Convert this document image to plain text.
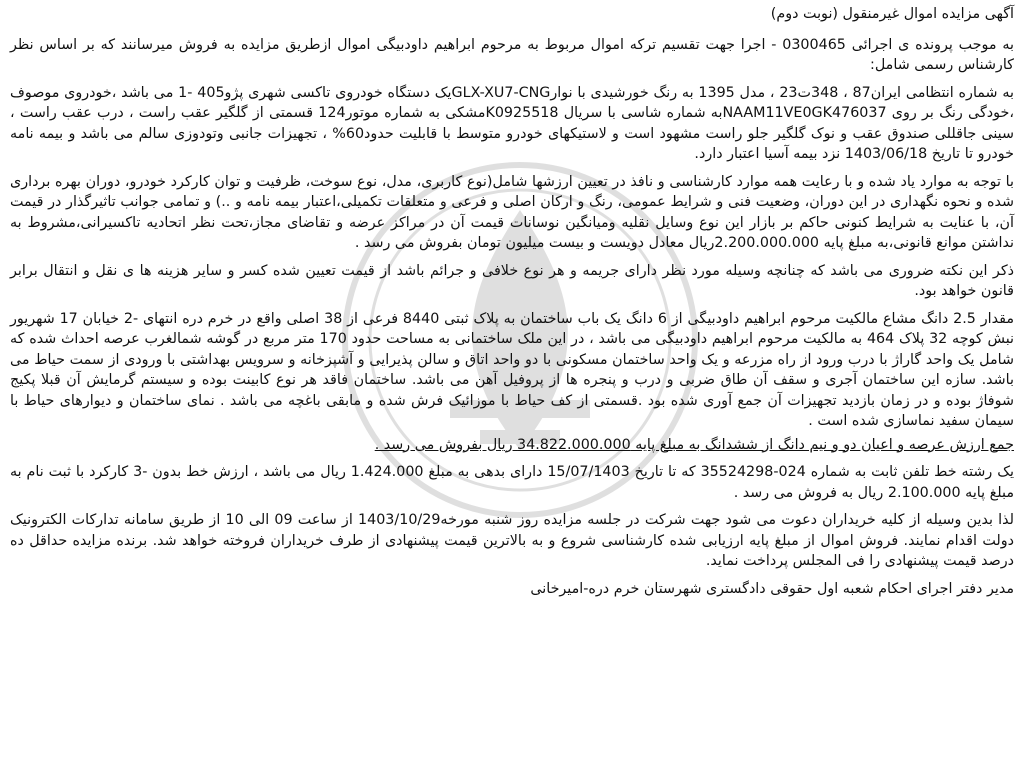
آگهی مزایده اموال غیرمنقول (نوبت دوم)

به موجب پرونده ی اجرائی 0300465 - اجرا جهت تقسیم ترکه اموال مربوط به مرحوم ابراهیم داودبیگی اموال ازطریق مزایده به فروش میرسانند که بر اساس نظر کارشناس رسمی شامل:

به شماره انتظامی ایران87 ، 348ت23 ، مدل 1395 به رنگ خورشیدی با نوارGLX-XU7-CNGیک دستگاه خودروی تاکسی شهری پژو405 -1 می باشد ،خودروی موصوف ،خودگی رنگ بر روی NAAM11VE0GK476037به شماره شاسی با سریال K0925518مشکی به شماره موتور124 قسمتی از گلگیر عقب راست ، درب عقب راست ، سینی جاقللی صندوق عقب و نوک گلگیر جلو راست مشهود است و لاستیکهای خودرو متوسط با قابلیت حدود60% ، تجهیزات جانبی وتودوزی سالم می باشد و بیمه نامه خودرو تا تاریخ 1403/06/18 نزد بیمه آسیا اعتبار دارد.

با توجه به موارد یاد شده و با رعایت همه موارد کارشناسی و نافذ در تعیین ارزشها شامل(نوع کاربری، مدل، نوع سوخت، ظرفیت و توان کارکرد خودرو، دوران بهره برداری شده و نحوه نگهداری در این دوران، وضعیت فنی و شرایط عمومی، رنگ و ارکان اصلی و فرعی و متعلقات تکمیلی،اعتبار بیمه نامه و ..) و تمامی جوانب تاثیرگذار در قیمت آن، با عنایت به شرایط کنونی حاکم بر بازار این نوع وسایل نقلیه ومیانگین نوسانات قیمت آن در مراکز عرضه و تقاضای مجاز،تحت نظر اتحادیه تاکسیرانی،مشروط به نداشتن موانع قانونی،به مبلغ پایه 2.200.000.000ریال معادل دویست و بیست میلیون تومان بفروش می رسد .

ذکر این نکته ضروری می باشد که چنانچه وسیله مورد نظر دارای جریمه و هر نوع خلافی و جرائم باشد از قیمت تعیین شده کسر و سایر هزینه ها ی نقل و انتقال برابر قانون خواهد بود.

مقدار 2.5 دانگ مشاع مالکیت مرحوم ابراهیم داودبیگی از 6 دانگ یک باب ساختمان به پلاک ثبتی 8440 فرعی از 38 اصلی واقع در خرم دره انتهای -2 خیابان 17 شهریور نبش کوچه 32 پلاک 464 به مالکیت مرحوم ابراهیم داودبیگی می باشد ، در این ملک ساختمانی به مساحت حدود 170 متر مربع در گوشه شمالغرب عرصه احداث شده که شامل یک واحد گاراژ با درب ورود از راه مزرعه و یک واحد ساختمان مسکونی با دو واحد اتاق و سالن پذیرایی و آشپزخانه و سرویس بهداشتی با ورودی از سمت حیاط می باشد. سازه این ساختمان آجری و سقف آن طاق ضربی و درب و پنجره ها از پروفیل آهن می باشد. ساختمان فاقد هر نوع کابینت بوده و سیستم گرمایش آن قبلا پکیج شوفاژ بوده و در زمان بازدید تجهیزات آن جمع آوری شده بود .قسمتی از کف حیاط با موزائیک فرش شده و مابقی باغچه می باشد . نمای ساختمان و دیوارهای حیاط با سیمان سفید نماسازی شده است .

جمع ارزش عرصه و اعیان دو و نیم دانگ از ششدانگ به مبلغ پایه 34.822.000.000 ریال بفروش می رسد .

یک رشته خط تلفن ثابت به شماره 024-35524298 که تا تاریخ 15/07/1403 دارای بدهی به مبلغ 1.424.000 ریال می باشد ، ارزش خط بدون -3 کارکرد با ثبت نام به مبلغ پایه 2.100.000 ریال به فروش می رسد .

لذا بدین وسیله از کلیه خریداران دعوت می شود جهت شرکت در جلسه مزایده روز شنبه مورخه1403/10/29 از ساعت 09 الی 10 از طریق سامانه تدارکات الکترونیک دولت اقدام نمایند. فروش اموال از مبلغ پایه ارزیابی شده کارشناسی شروع و به بالاترین قیمت پیشنهادی از طرف خریداران فروخته خواهد شد. برنده مزایده حداقل ده درصد قیمت پیشنهادی را فی المجلس پرداخت نماید.

مدیر دفتر اجرای احکام شعبه اول حقوقی دادگستری شهرستان خرم دره-امیرخانی
